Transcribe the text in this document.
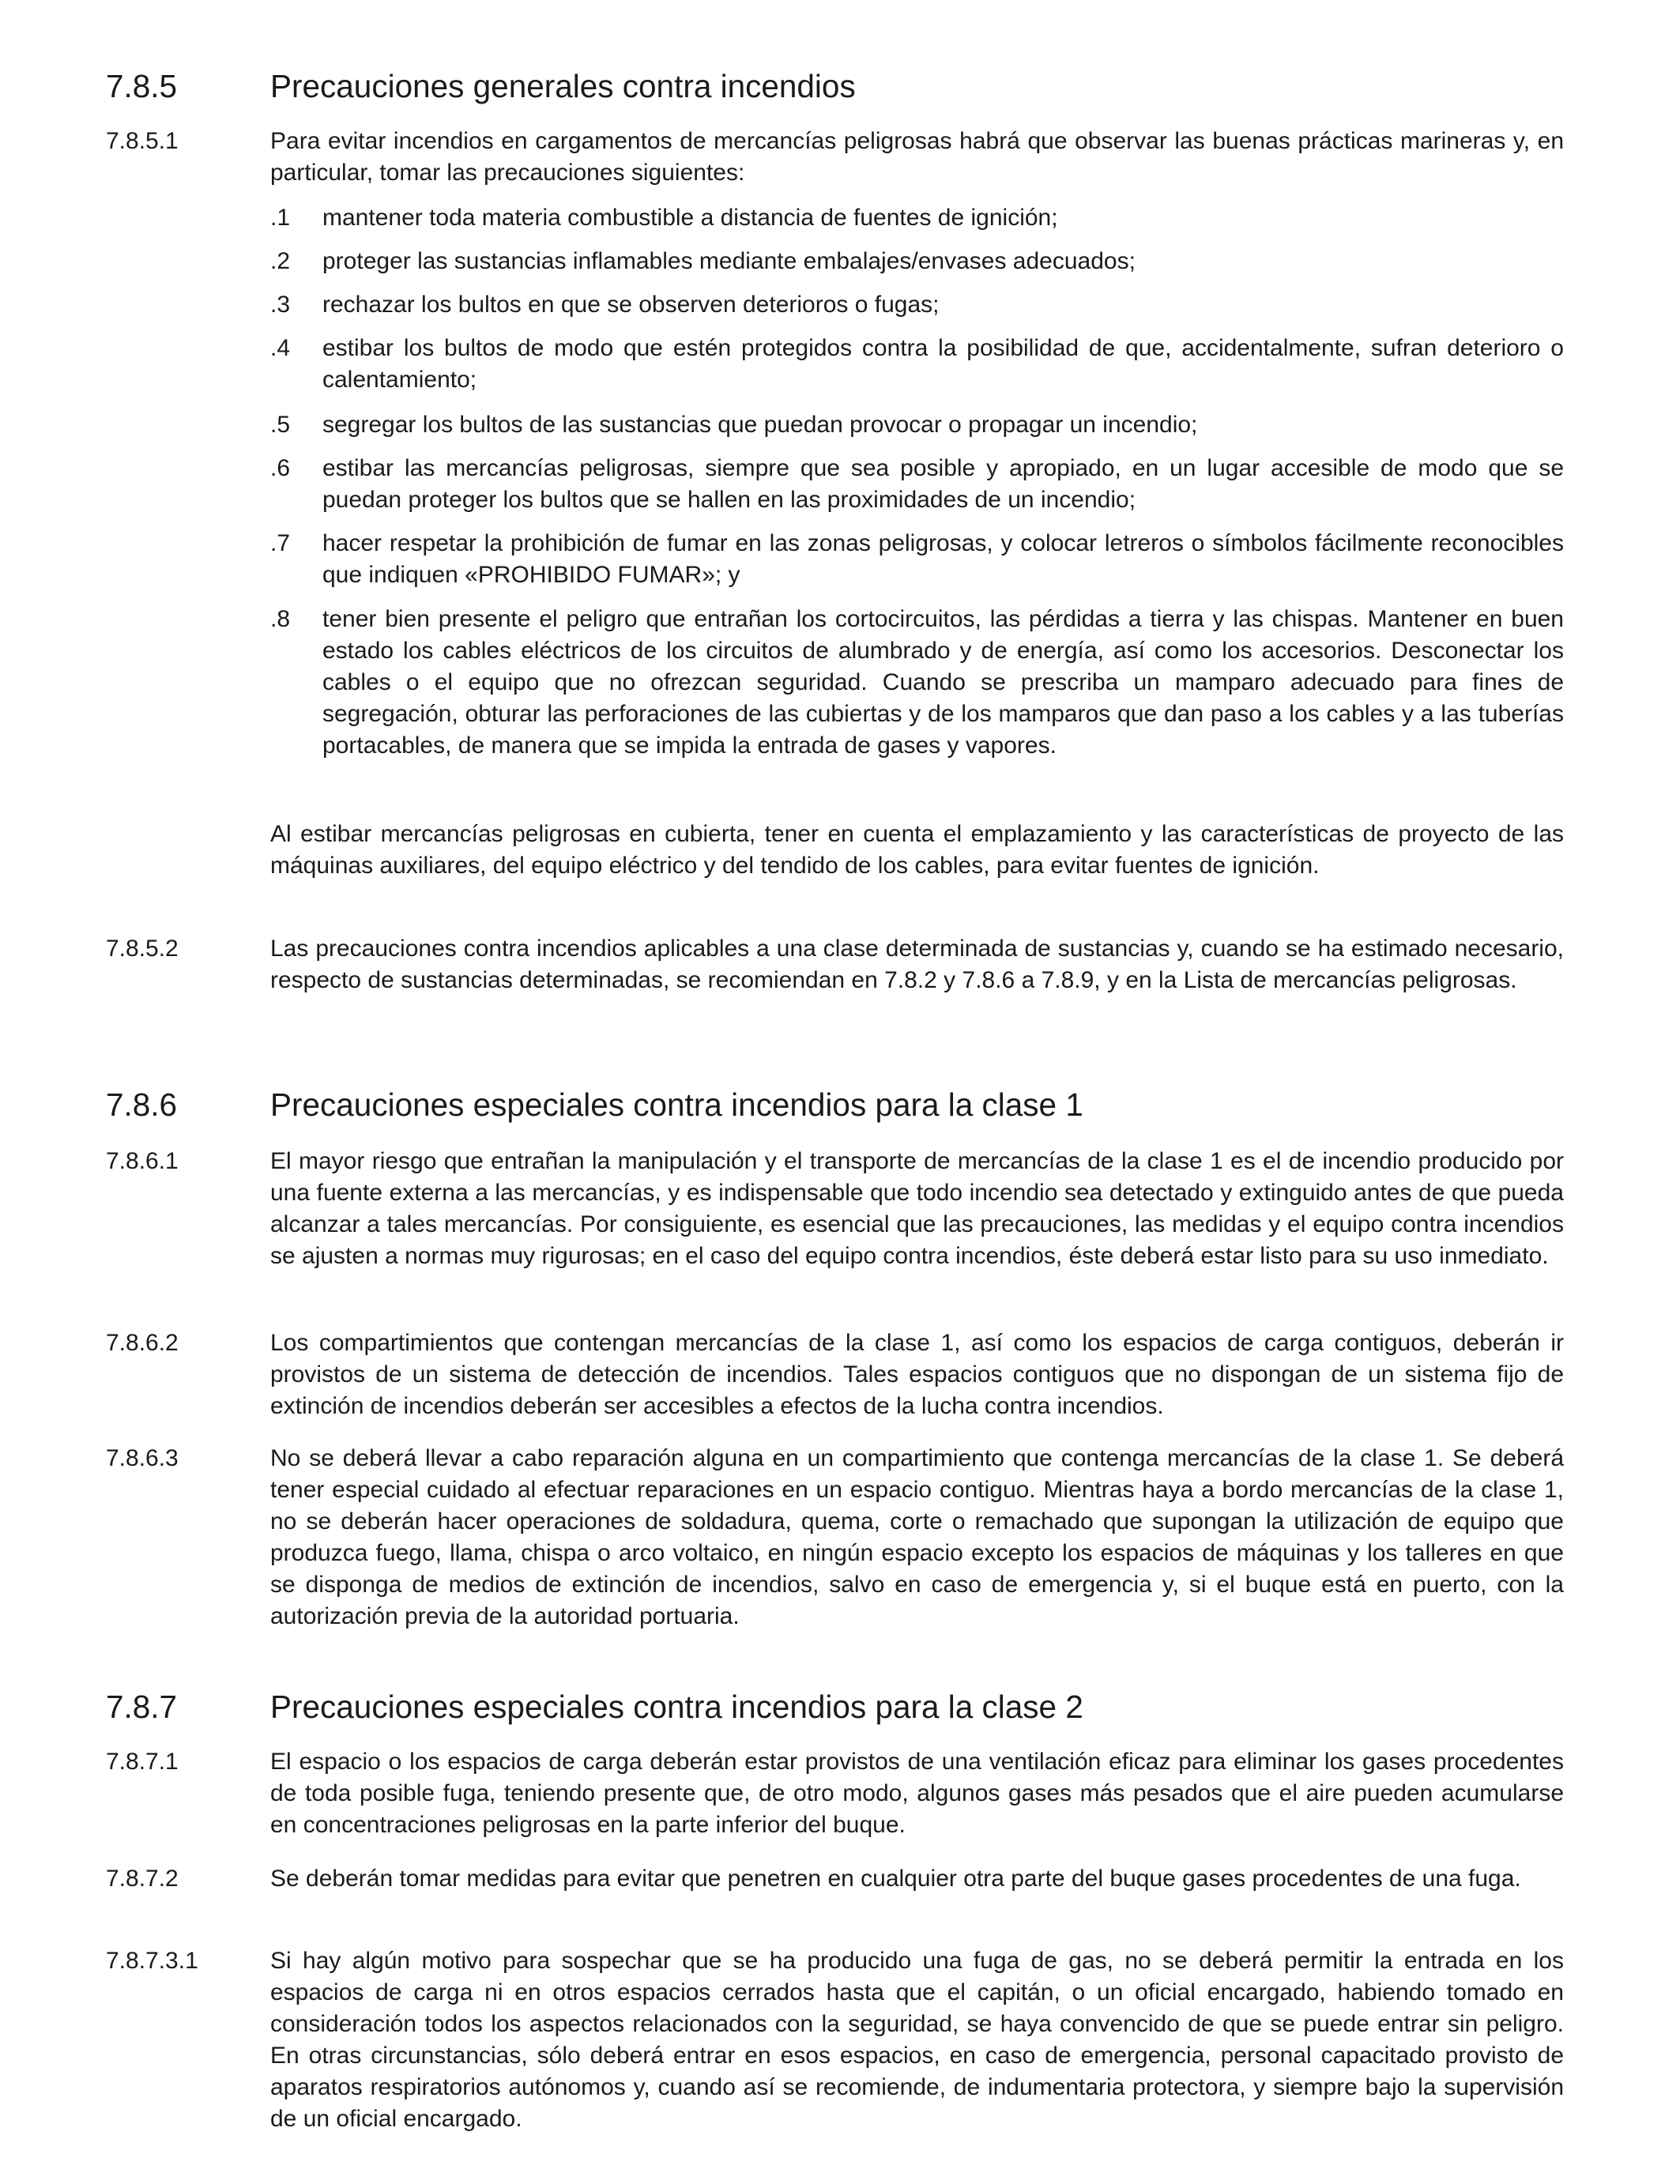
7.8.5	Precauciones generales contra incendios
7.8.5.1	Para evitar incendios en cargamentos de mercancías peligrosas habrá que observar las buenas prácticas marineras y, en particular, tomar las precauciones siguientes:

.1 mantener toda materia combustible a distancia de fuentes de ignición;

.2 proteger las sustancias inflamables mediante embalajes/envases adecuados;

.3 rechazar los bultos en que se observen deterioros o fugas;

.4 estibar los bultos de modo que estén protegidos contra la posibilidad de que, accidentalmente, sufran deterioro o calentamiento;

.5 segregar los bultos de las sustancias que puedan provocar o propagar un incendio;

.6 estibar las mercancías peligrosas, siempre que sea posible y apropiado, en un lugar accesible de modo que se puedan proteger los bultos que se hallen en las proximidades de un incendio;

.7 hacer respetar la prohibición de fumar en las zonas peligrosas, y colocar letreros o símbolos fácilmente reconocibles que indiquen «PROHIBIDO FUMAR»; y

.8 tener bien presente el peligro que entrañan los cortocircuitos, las pérdidas a tierra y las chispas. Mantener en buen estado los cables eléctricos de los circuitos de alumbrado y de energía, así como los accesorios. Desconectar los cables o el equipo que no ofrezcan seguridad. Cuando se prescriba un mamparo adecuado para fines de segregación, obturar las perforaciones de las cubiertas y de los mamparos que dan paso a los cables y a las tuberías portacables, de manera que se impida la entrada de gases y vapores.

Al estibar mercancías peligrosas en cubierta, tener en cuenta el emplazamiento y las características de proyecto de las máquinas auxiliares, del equipo eléctrico y del tendido de los cables, para evitar fuentes de ignición.

7.8.5.2	Las precauciones contra incendios aplicables a una clase determinada de sustancias y, cuando se ha estimado necesario, respecto de sustancias determinadas, se recomiendan en 7.8.2 y 7.8.6 a 7.8.9, y en la Lista de mercancías peligrosas.

7.8.6	Precauciones especiales contra incendios para la clase 1
7.8.6.1	El mayor riesgo que entrañan la manipulación y el transporte de mercancías de la clase 1 es el de incendio producido por una fuente externa a las mercancías, y es indispensable que todo incendio sea detectado y extinguido antes de que pueda alcanzar a tales mercancías. Por consiguiente, es esencial que las precauciones, las medidas y el equipo contra incendios se ajusten a normas muy rigurosas; en el caso del equipo contra incendios, éste deberá estar listo para su uso inmediato.

7.8.6.2	Los compartimientos que contengan mercancías de la clase 1, así como los espacios de carga contiguos, deberán ir provistos de un sistema de detección de incendios. Tales espacios contiguos que no dispongan de un sistema fijo de extinción de incendios deberán ser accesibles a efectos de la lucha contra incendios.

7.8.6.3	No se deberá llevar a cabo reparación alguna en un compartimiento que contenga mercancías de la clase 1. Se deberá tener especial cuidado al efectuar reparaciones en un espacio contiguo. Mientras haya a bordo mercancías de la clase 1, no se deberán hacer operaciones de soldadura, quema, corte o remachado que supongan la utilización de equipo que produzca fuego, llama, chispa o arco voltaico, en ningún espacio excepto los espacios de máquinas y los talleres en que se disponga de medios de extinción de incendios, salvo en caso de emergencia y, si el buque está en puerto, con la autorización previa de la autoridad portuaria.

7.8.7	Precauciones especiales contra incendios para la clase 2
7.8.7.1	El espacio o los espacios de carga deberán estar provistos de una ventilación eficaz para eliminar los gases procedentes de toda posible fuga, teniendo presente que, de otro modo, algunos gases más pesados que el aire pueden acumularse en concentraciones peligrosas en la parte inferior del buque.

7.8.7.2	Se deberán tomar medidas para evitar que penetren en cualquier otra parte del buque gases procedentes de una fuga.

7.8.7.3.1	Si hay algún motivo para sospechar que se ha producido una fuga de gas, no se deberá permitir la entrada en los espacios de carga ni en otros espacios cerrados hasta que el capitán, o un oficial encargado, habiendo tomado en consideración todos los aspectos relacionados con la seguridad, se haya convencido de que se puede entrar sin peligro. En otras circunstancias, sólo deberá entrar en esos espacios, en caso de emergencia, personal capacitado provisto de aparatos respiratorios autónomos y, cuando así se recomiende, de indumentaria protectora, y siempre bajo la supervisión de un oficial encargado.
